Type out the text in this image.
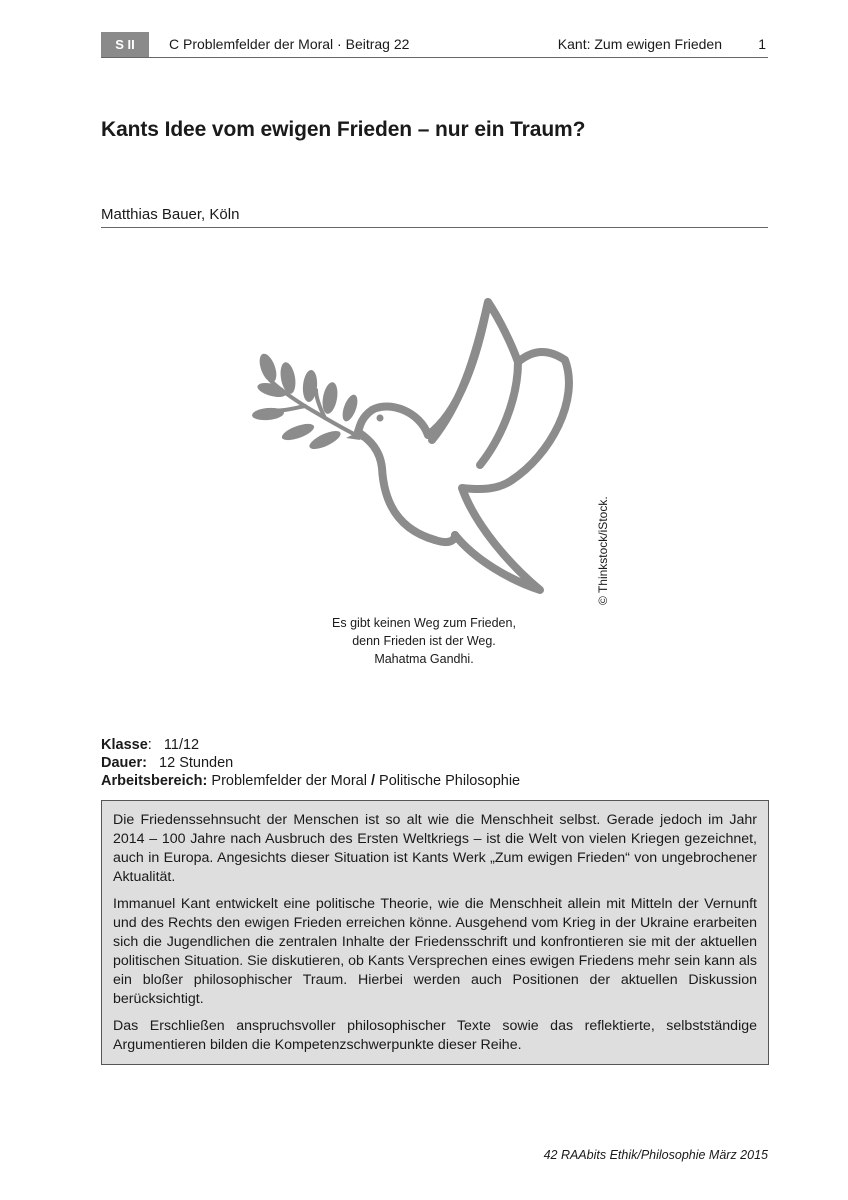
S II	C Problemfelder der Moral · Beitrag 22	Kant: Zum ewigen Frieden	1
Kants Idee vom ewigen Frieden – nur ein Traum?
Matthias Bauer, Köln
© Thinkstock/iStock.
Es gibt keinen Weg zum Frieden,
denn Frieden ist der Weg.
Mahatma Gandhi.
Klasse:   11/12
Dauer: 12 Stunden
Arbeitsbereich: Problemfelder der Moral / Politische Philosophie

Die Friedenssehnsucht der Menschen ist so alt wie die Menschheit selbst. Gerade jedoch im Jahr 2014 – 100 Jahre nach Ausbruch des Ersten Weltkriegs – ist die Welt von vielen Kriegen gezeichnet, auch in Europa. Angesichts dieser Situation ist Kants Werk „Zum ewigen Frieden“ von ungebrochener Aktualität.

Immanuel Kant entwickelt eine politische Theorie, wie die Menschheit allein mit Mitteln der Vernunft und des Rechts den ewigen Frieden erreichen könne. Ausgehend vom Krieg in der Ukraine erarbeiten sich die Jugendlichen die zentralen Inhalte der Friedensschrift und konfrontieren sie mit der aktuellen politischen Situation. Sie diskutieren, ob Kants Versprechen eines ewigen Friedens mehr sein kann als ein bloßer philosophischer Traum. Hierbei werden auch Positionen der aktuellen Diskussion berücksichtigt.

Das Erschließen anspruchsvoller philosophischer Texte sowie das reflektierte, selbstständige Argumentieren bilden die Kompetenzschwerpunkte dieser Reihe.

42 RAAbits Ethik/Philosophie März 2015
